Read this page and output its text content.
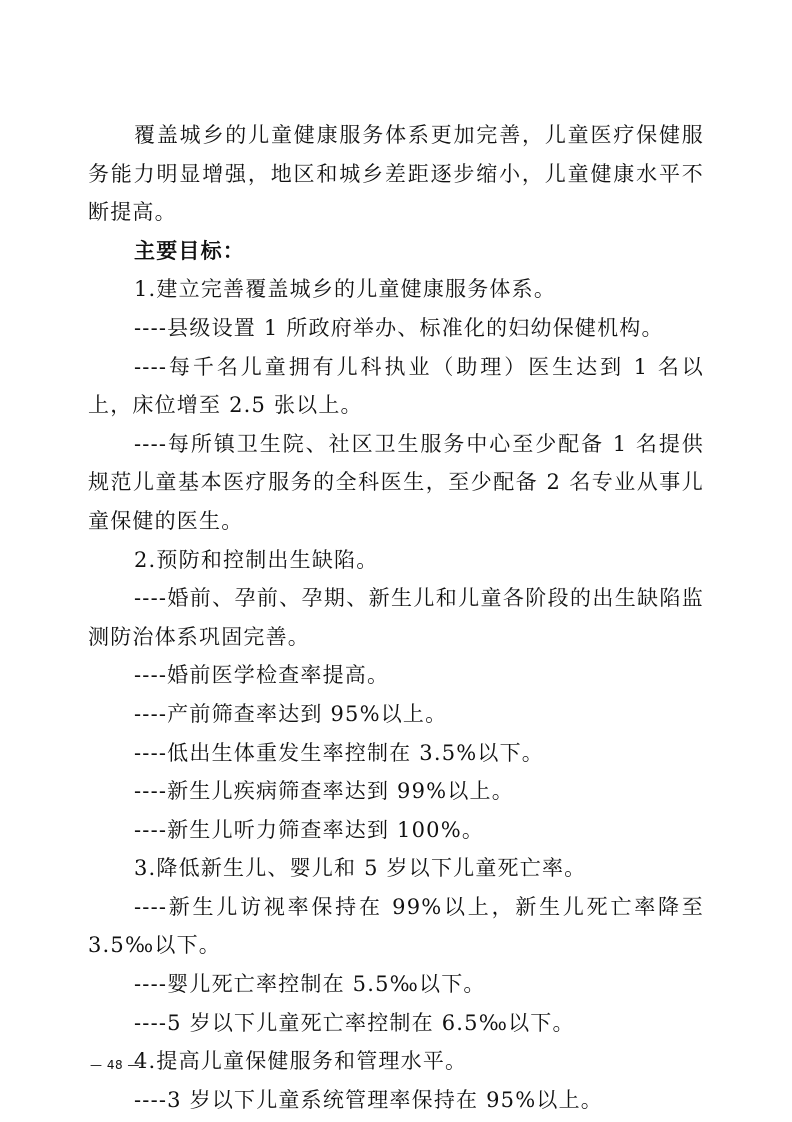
覆盖城乡的儿童健康服务体系更加完善，儿童医疗保健服务能力明显增强，地区和城乡差距逐步缩小，儿童健康水平不断提高。

主要目标：

1.建立完善覆盖城乡的儿童健康服务体系。

----县级设置 1 所政府举办、标准化的妇幼保健机构。

----每千名儿童拥有儿科执业（助理）医生达到 1 名以上，床位增至 2.5 张以上。

----每所镇卫生院、社区卫生服务中心至少配备 1 名提供规范儿童基本医疗服务的全科医生，至少配备 2 名专业从事儿童保健的医生。

2.预防和控制出生缺陷。

----婚前、孕前、孕期、新生儿和儿童各阶段的出生缺陷监测防治体系巩固完善。

----婚前医学检查率提高。

----产前筛查率达到 95%以上。

----低出生体重发生率控制在 3.5%以下。

----新生儿疾病筛查率达到 99%以上。

----新生儿听力筛查率达到 100%。

3.降低新生儿、婴儿和 5 岁以下儿童死亡率。

----新生儿访视率保持在 99%以上，新生儿死亡率降至 3.5‰以下。

----婴儿死亡率控制在 5.5‰以下。

----5 岁以下儿童死亡率控制在 6.5‰以下。

4.提高儿童保健服务和管理水平。

----3 岁以下儿童系统管理率保持在 95%以上。

— 48 —
